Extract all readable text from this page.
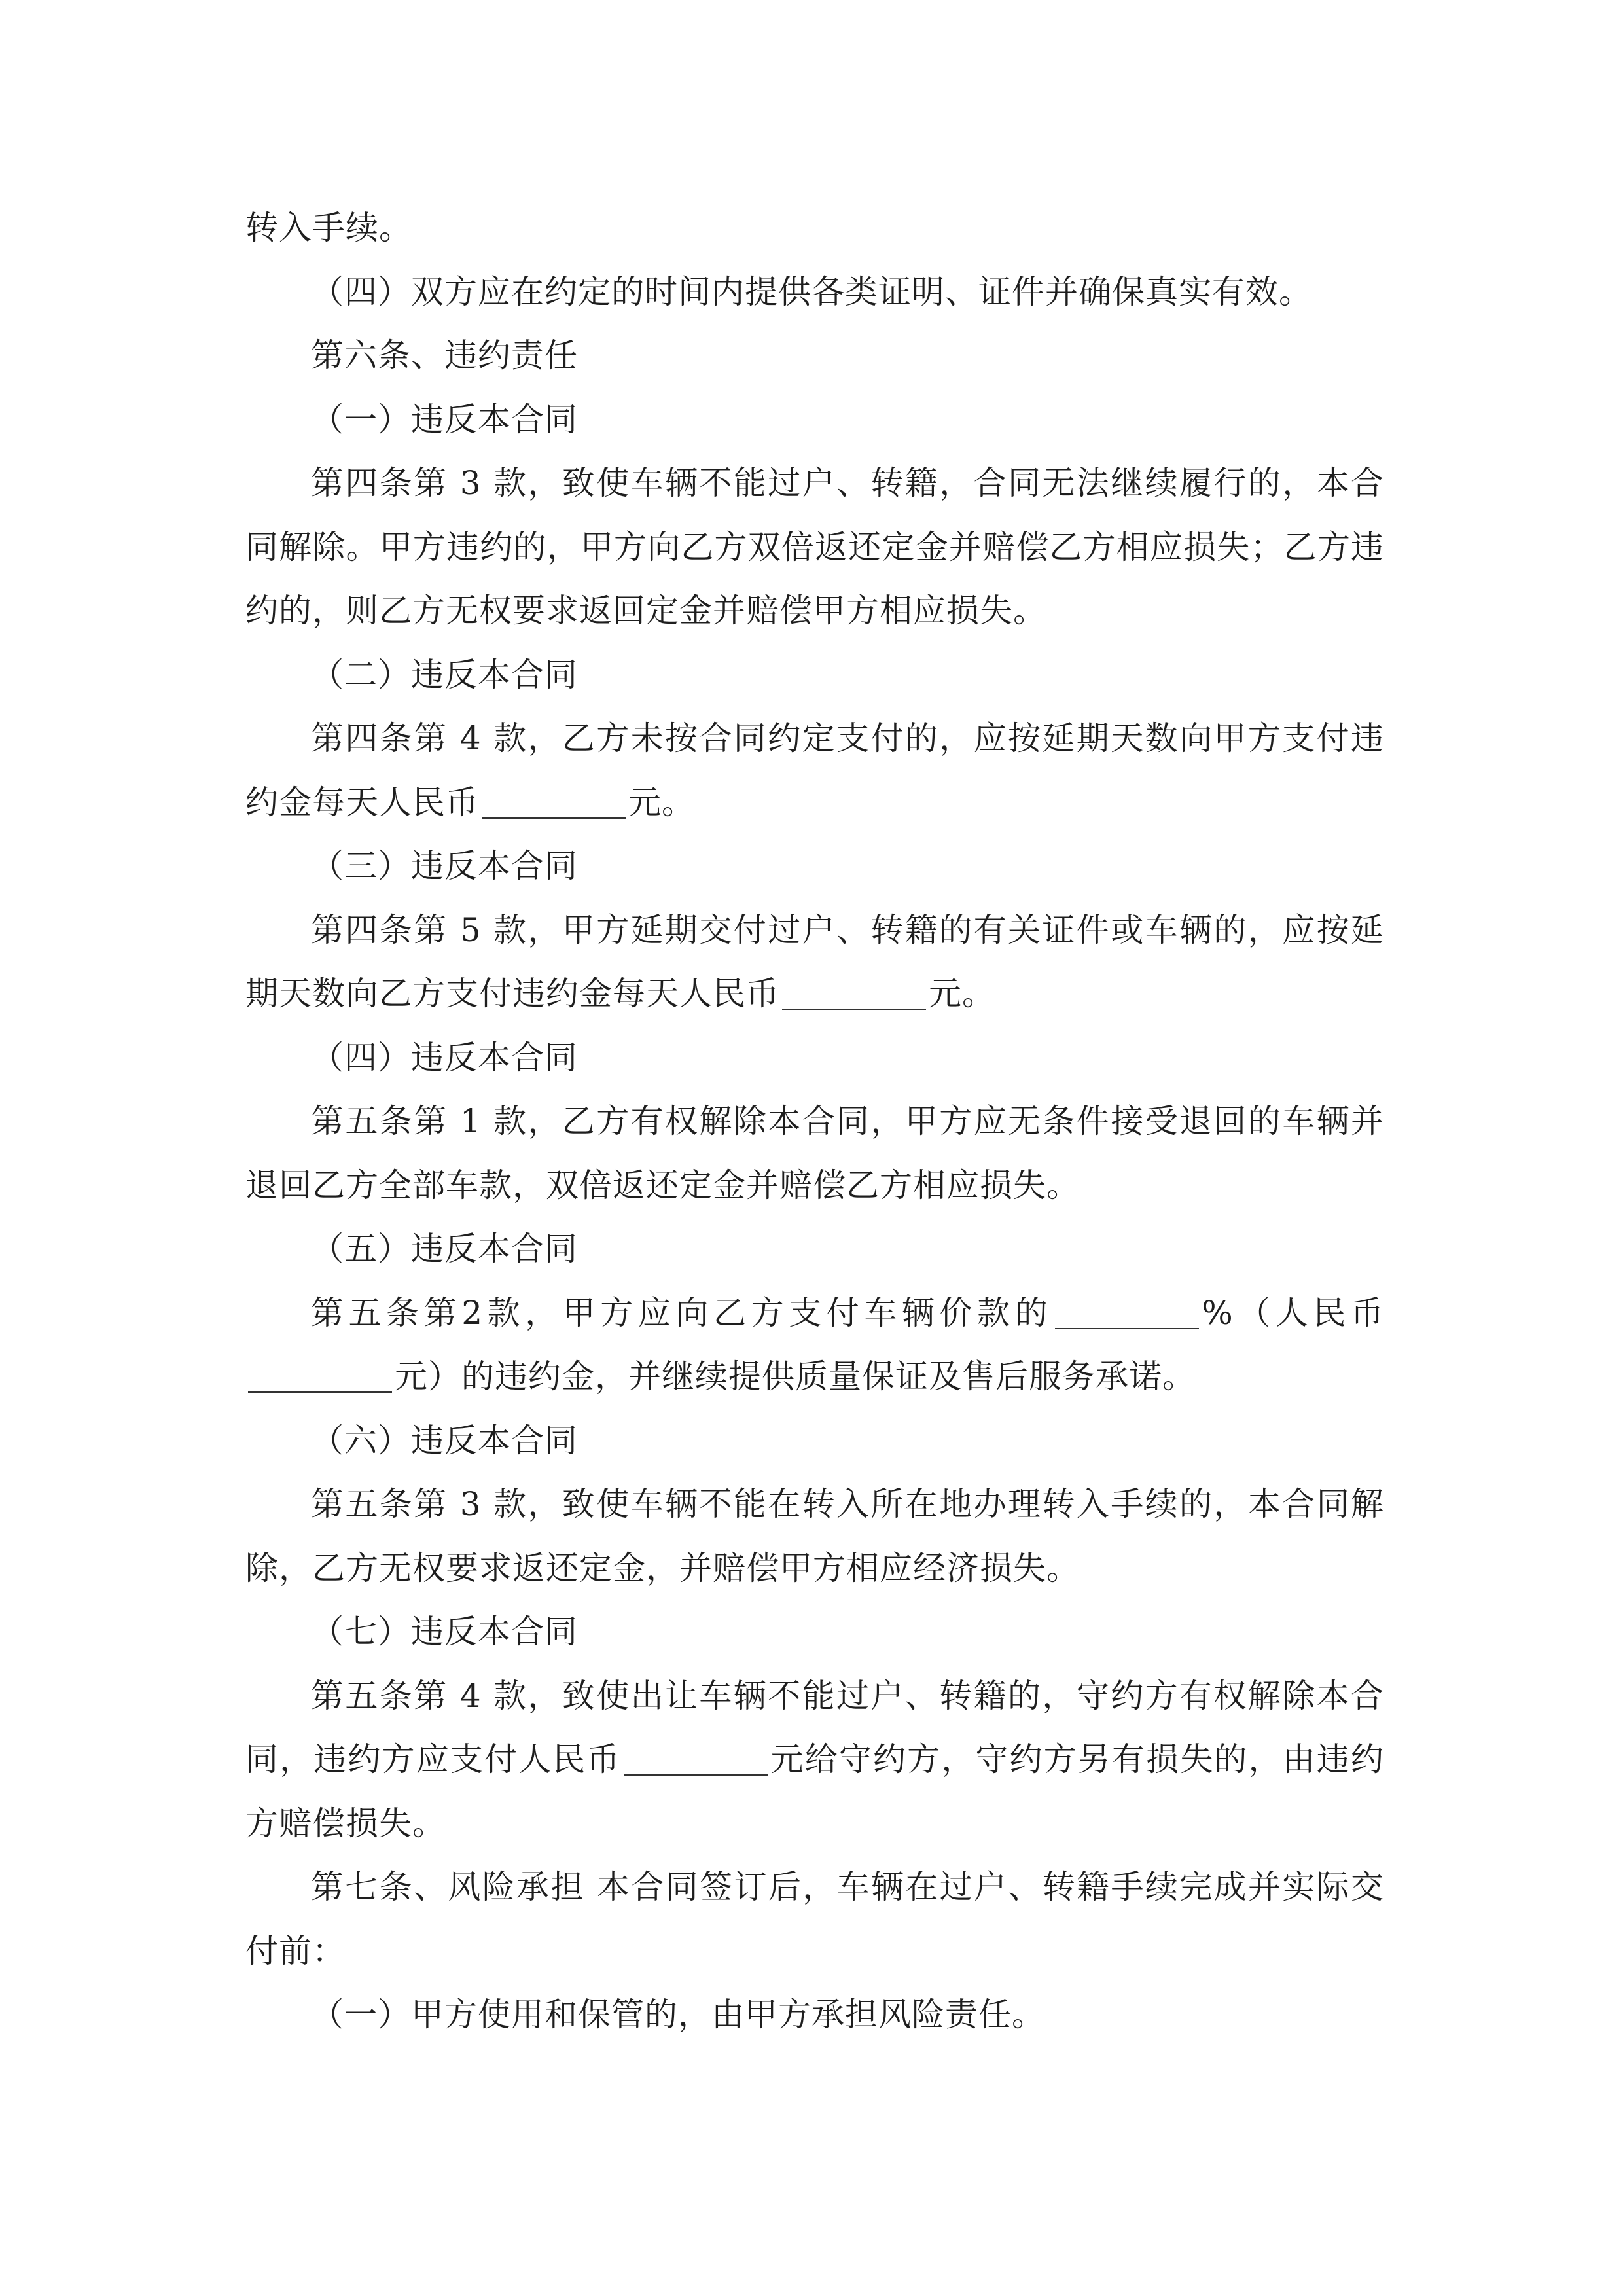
转入手续。

（四）双方应在约定的时间内提供各类证明、证件并确保真实有效。

第六条、违约责任

（一）违反本合同

第四条第 3 款，致使车辆不能过户、转籍，合同无法继续履行的，本合同解除。甲方违约的，甲方向乙方双倍返还定金并赔偿乙方相应损失；乙方违约的，则乙方无权要求返回定金并赔偿甲方相应损失。

（二）违反本合同

第四条第 4 款，乙方未按合同约定支付的，应按延期天数向甲方支付违约金每天人民币	元。

（三）违反本合同

第四条第 5 款，甲方延期交付过户、转籍的有关证件或车辆的，应按延期天数向乙方支付违约金每天人民币	元。

（四）违反本合同

第五条第 1 款，乙方有权解除本合同，甲方应无条件接受退回的车辆并退回乙方全部车款，双倍返还定金并赔偿乙方相应损失。

（五）违反本合同

第五条第2款，甲方应向乙方支付车辆价款的	%（人民币元）的违约金，并继续提供质量保证及售后服务承诺。

（六）违反本合同

第五条第 3 款，致使车辆不能在转入所在地办理转入手续的，本合同解除，乙方无权要求返还定金，并赔偿甲方相应经济损失。

（七）违反本合同

第五条第 4 款，致使出让车辆不能过户、转籍的，守约方有权解除本合同，违约方应支付人民币	元给守约方，守约方另有损失的，由违约方赔偿损失。

第七条、风险承担 本合同签订后，车辆在过户、转籍手续完成并实际交付前：

（一）甲方使用和保管的，由甲方承担风险责任。
